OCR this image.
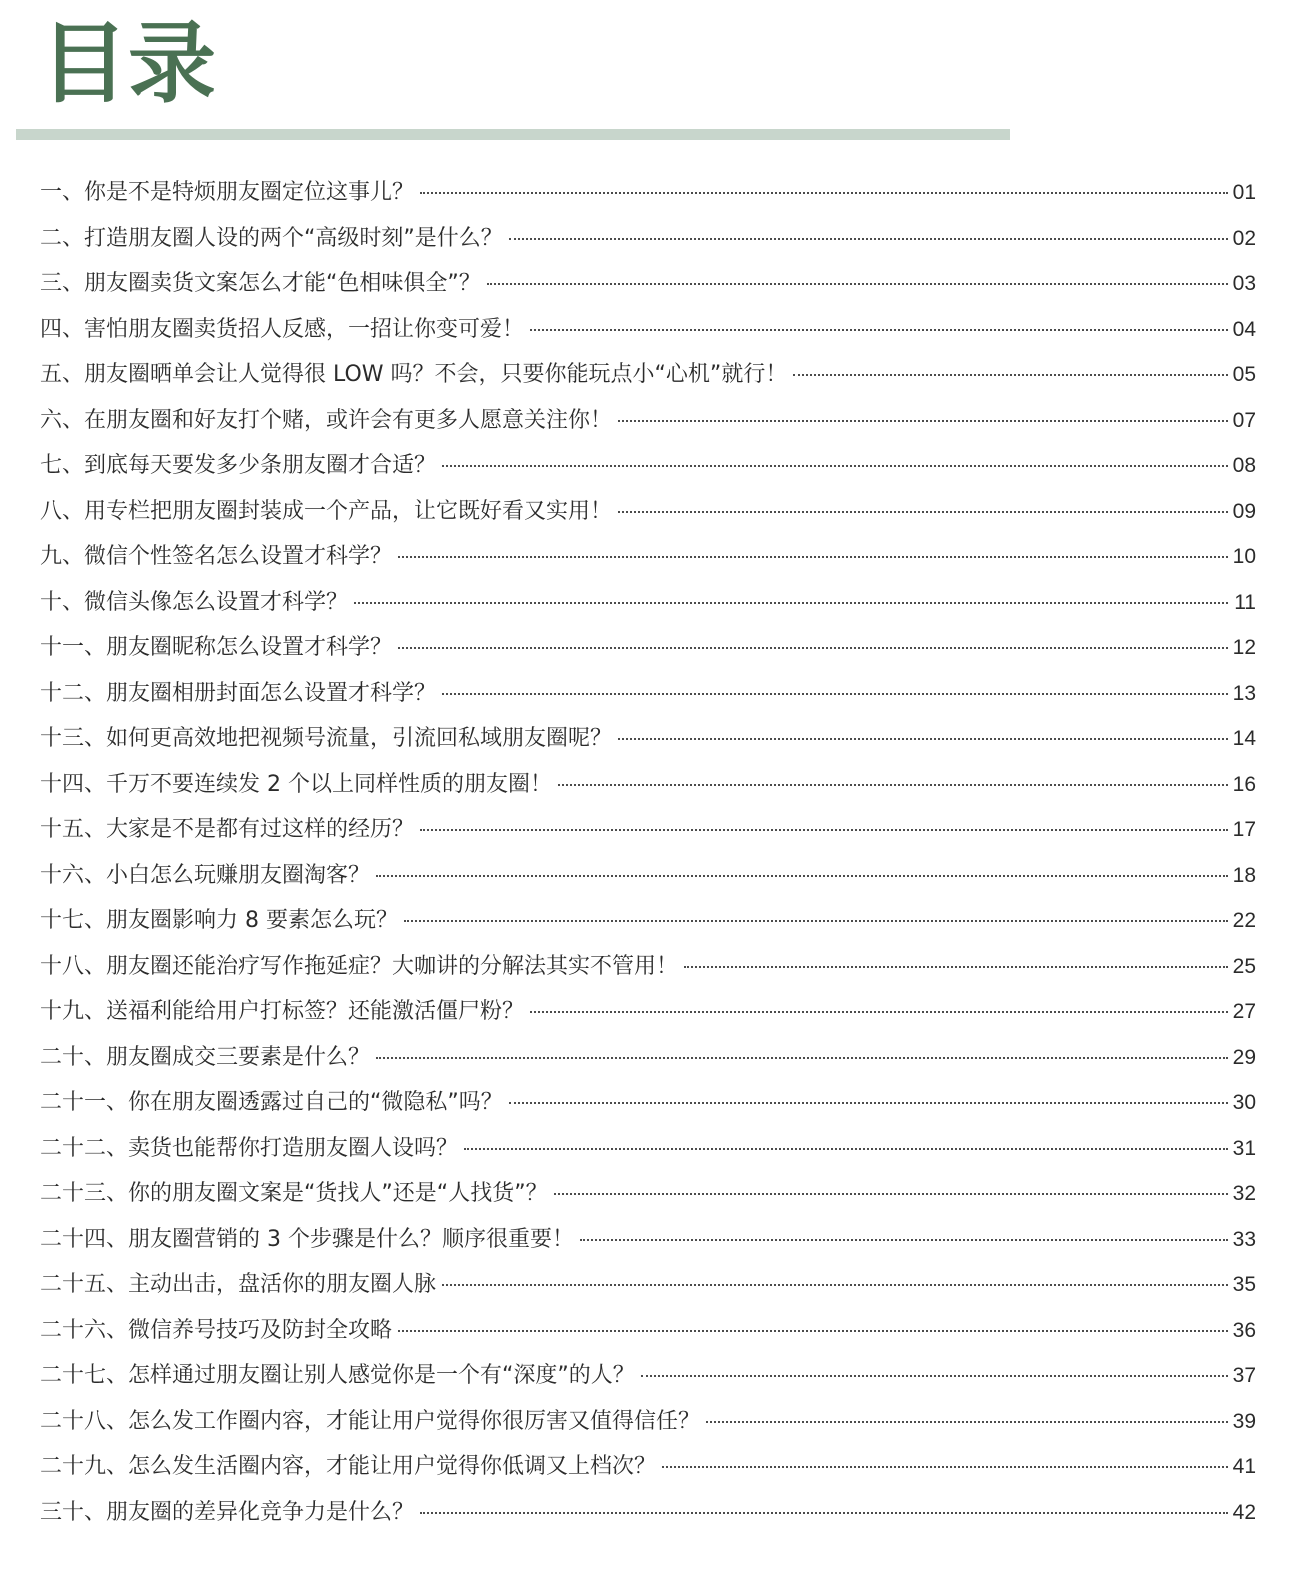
目录
一、你是不是特烦朋友圈定位这事儿？	01
二、打造朋友圈人设的两个“高级时刻”是什么？	02
三、朋友圈卖货文案怎么才能“色相味俱全”？	03
四、害怕朋友圈卖货招人反感，一招让你变可爱！	04
五、朋友圈晒单会让人觉得很 LOW 吗？不会，只要你能玩点小“心机”就行！	05
六、在朋友圈和好友打个赌，或许会有更多人愿意关注你！	07
七、到底每天要发多少条朋友圈才合适？	08
八、用专栏把朋友圈封装成一个产品，让它既好看又实用！	09
九、微信个性签名怎么设置才科学？	10
十、微信头像怎么设置才科学？	11
十一、朋友圈昵称怎么设置才科学？	12
十二、朋友圈相册封面怎么设置才科学？	13
十三、如何更高效地把视频号流量，引流回私域朋友圈呢？	14
十四、千万不要连续发 2 个以上同样性质的朋友圈！	16
十五、大家是不是都有过这样的经历？	17
十六、小白怎么玩赚朋友圈淘客？	18
十七、朋友圈影响力 8 要素怎么玩？	22
十八、朋友圈还能治疗写作拖延症？大咖讲的分解法其实不管用！	25
十九、送福利能给用户打标签？还能激活僵尸粉？	27
二十、朋友圈成交三要素是什么？	29
二十一、你在朋友圈透露过自己的“微隐私”吗？	30
二十二、卖货也能帮你打造朋友圈人设吗？	31
二十三、你的朋友圈文案是“货找人”还是“人找货”？	32
二十四、朋友圈营销的 3 个步骤是什么？顺序很重要！	33
二十五、主动出击，盘活你的朋友圈人脉	35
二十六、微信养号技巧及防封全攻略	36
二十七、怎样通过朋友圈让别人感觉你是一个有“深度”的人？	37
二十八、怎么发工作圈内容，才能让用户觉得你很厉害又值得信任？	39
二十九、怎么发生活圈内容，才能让用户觉得你低调又上档次？	41
三十、朋友圈的差异化竞争力是什么？	42
